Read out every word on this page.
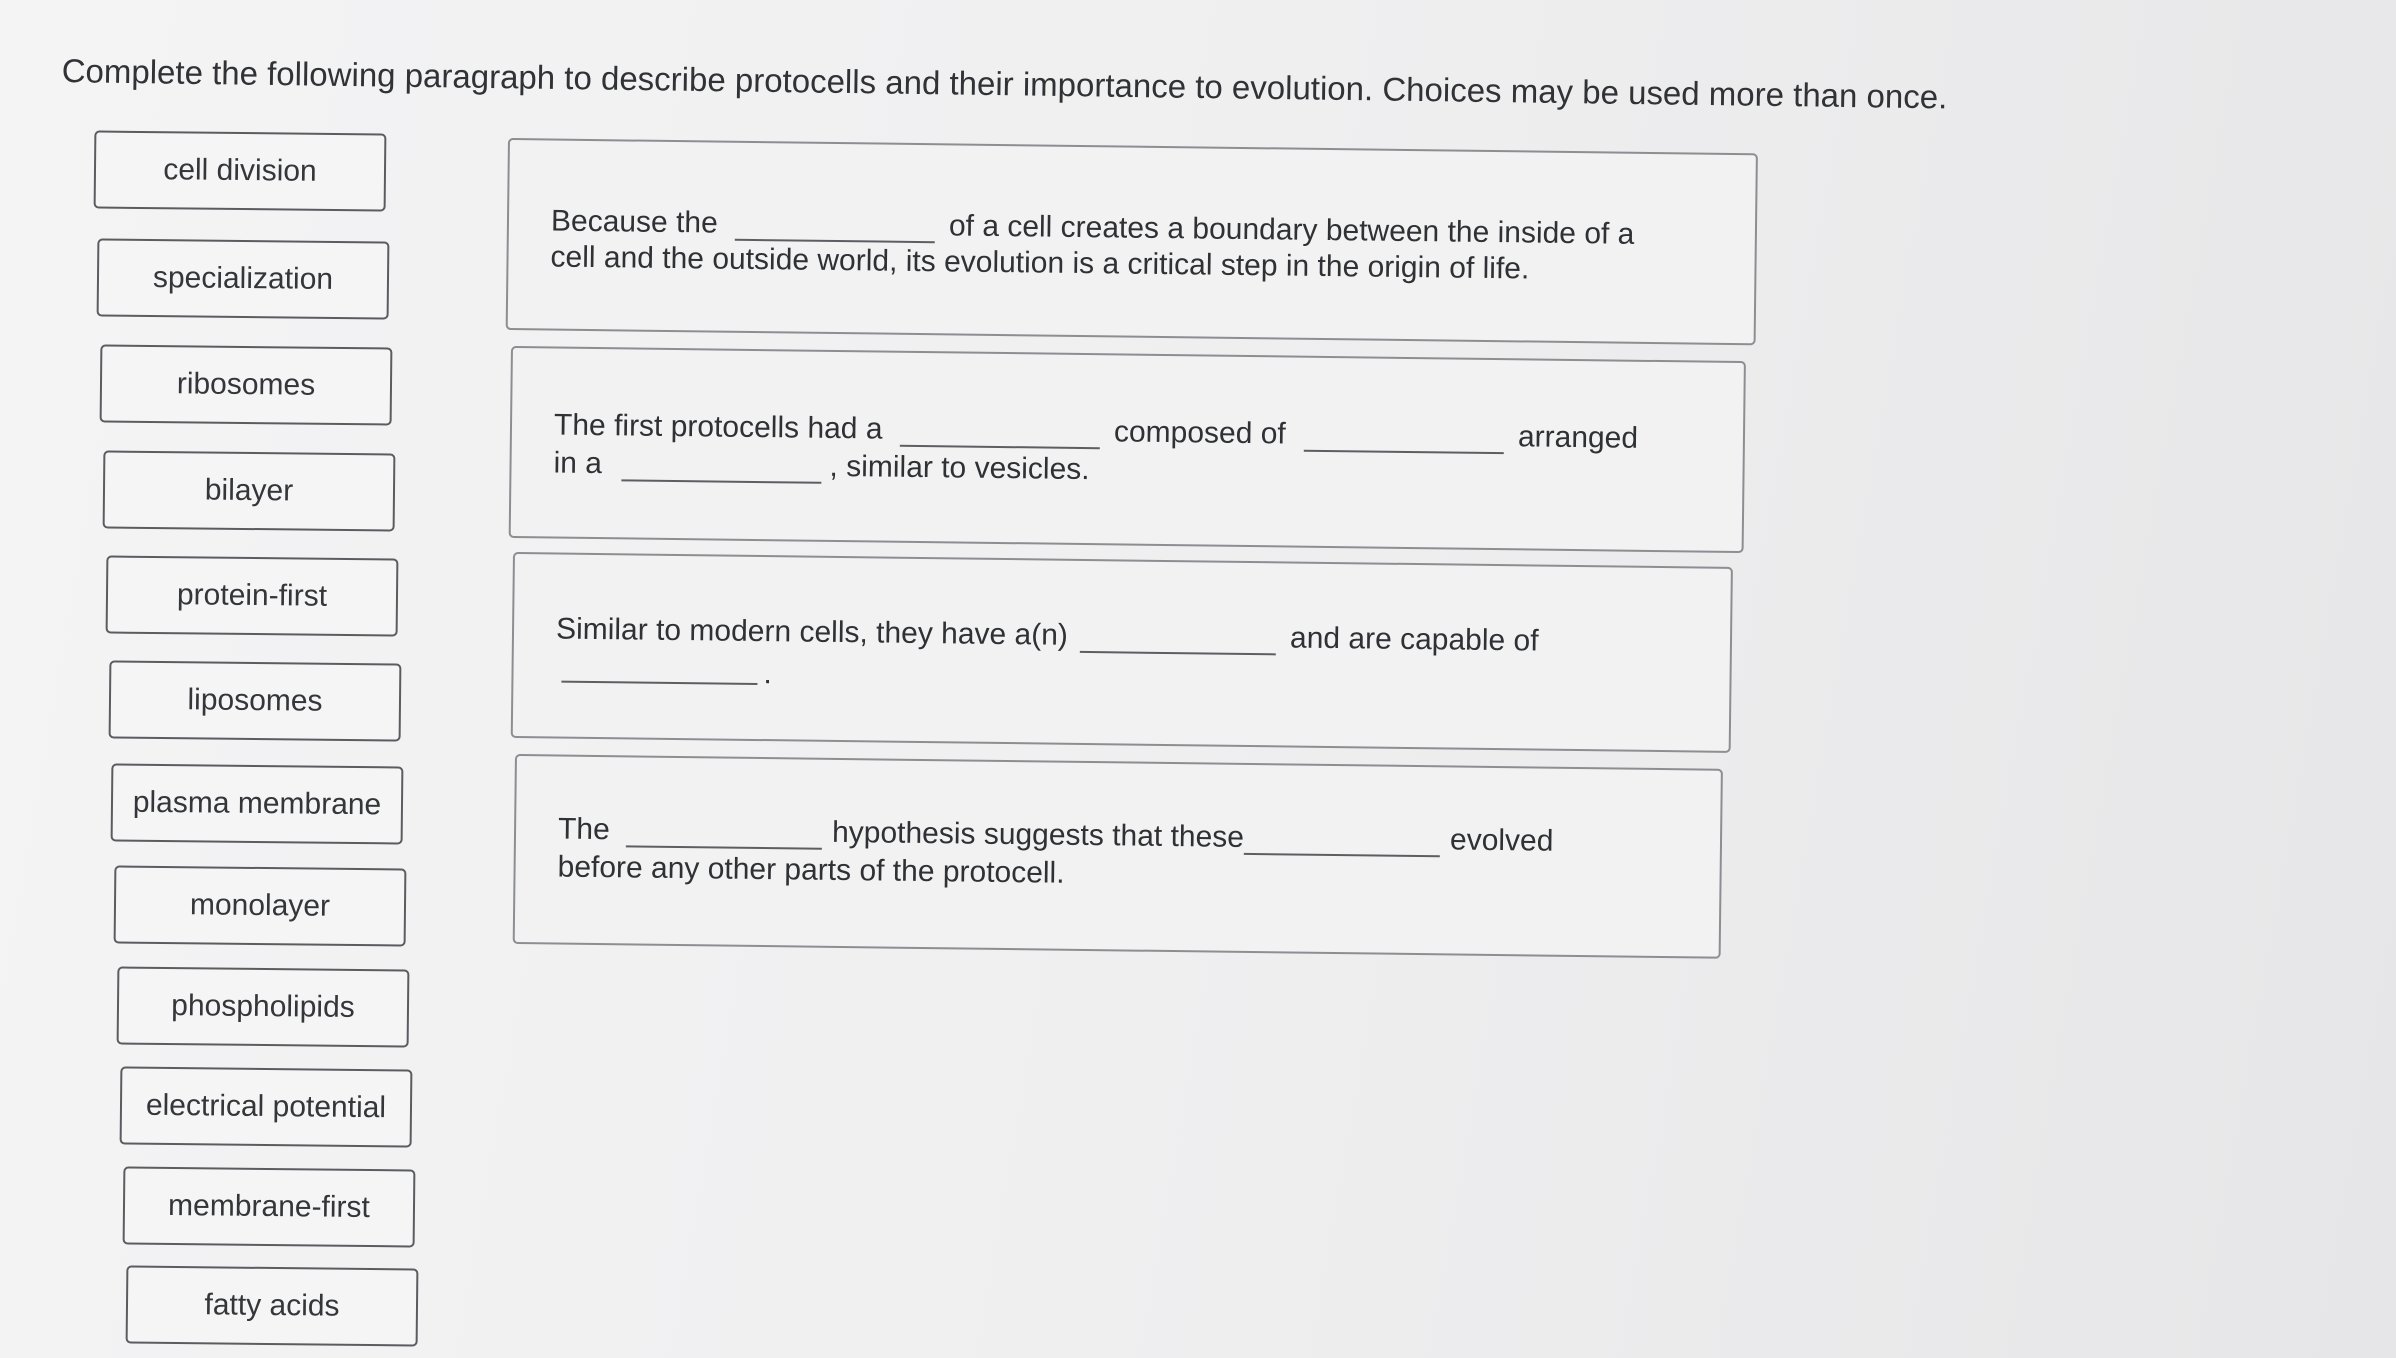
Complete the following paragraph to describe protocells and their importance to evolution. Choices may be used more than once.
cell division
specialization
ribosomes
bilayer
protein-first
liposomes
plasma membrane
monolayer
phospholipids
electrical potential
membrane-first
fatty acids
Because the	of a cell creates a boundary between the inside of a
cell and the outside world, its evolution is a critical step in the origin of life.
The first protocells had a	composed of	arranged
in a	, similar to vesicles.
Similar to modern cells, they have a(n)	and are capable of
.
The	hypothesis suggests that these	evolved
before any other parts of the protocell.
